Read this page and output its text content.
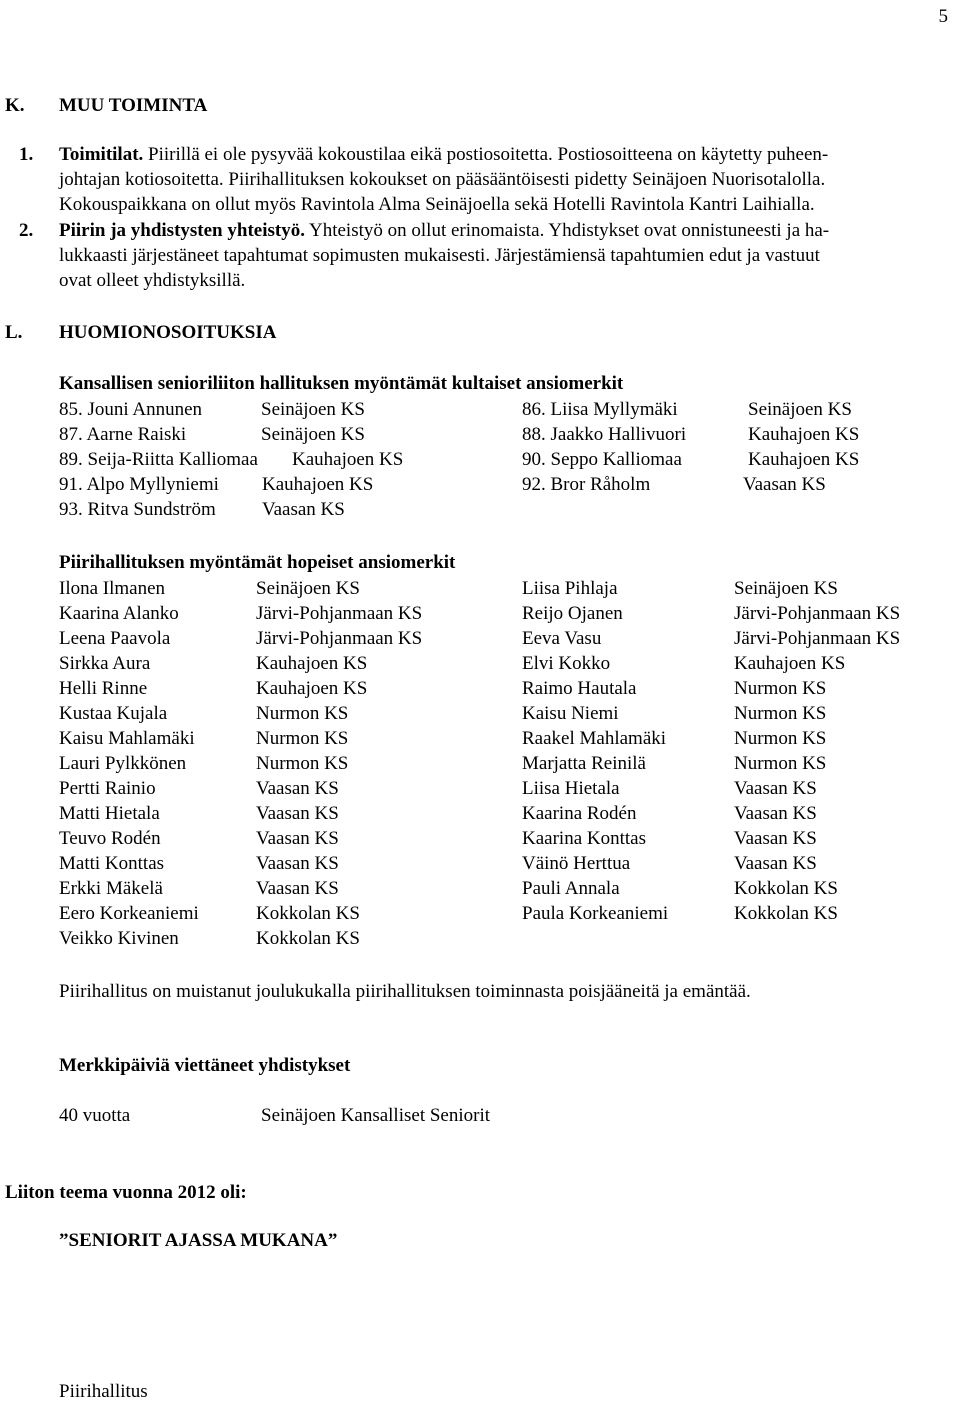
5
K. MUU TOIMINTA
1. Toimitilat. Piirillä ei ole pysyvää kokoustilaa eikä postiosoitetta. Postiosoitteena on käytetty puheen-
johtajan kotiosoitetta. Piirihallituksen kokoukset on pääsääntöisesti pidetty Seinäjoen Nuorisotalolla.
Kokouspaikkana on ollut myös Ravintola Alma Seinäjoella sekä Hotelli Ravintola Kantri Laihialla.
2. Piirin ja yhdistysten yhteistyö. Yhteistyö on ollut erinomaista. Yhdistykset ovat onnistuneesti ja ha-
lukkaasti järjestäneet tapahtumat sopimusten mukaisesti. Järjestämiensä tapahtumien edut ja vastuut
ovat olleet yhdistyksillä.
L. HUOMIONOSOITUKSIA
Kansallisen senioriliiton hallituksen myöntämät kultaiset ansiomerkit
85. Jouni Annunen	Seinäjoen KS	86. Liisa Myllymäki	Seinäjoen KS
87. Aarne Raiski	Seinäjoen KS	88. Jaakko Hallivuori	Kauhajoen KS
89. Seija-Riitta Kalliomaa Kauhajoen KS	90. Seppo Kalliomaa	Kauhajoen KS
91. Alpo Myllyniemi Kauhajoen KS	92. Bror Råholm	Vaasan KS
93. Ritva Sundström Vaasan KS
Piirihallituksen myöntämät hopeiset ansiomerkit
Ilona Ilmanen	Seinäjoen KS	Liisa Pihlaja	Seinäjoen KS
Kaarina Alanko	Järvi-Pohjanmaan KS	Reijo Ojanen	Järvi-Pohjanmaan KS
Leena Paavola	Järvi-Pohjanmaan KS	Eeva Vasu	Järvi-Pohjanmaan KS
Sirkka Aura	Kauhajoen KS	Elvi Kokko	Kauhajoen KS
Helli Rinne	Kauhajoen KS	Raimo Hautala	Nurmon KS
Kustaa Kujala	Nurmon KS	Kaisu Niemi	Nurmon KS
Kaisu Mahlamäki	Nurmon KS	Raakel Mahlamäki	Nurmon KS
Lauri Pylkkönen	Nurmon KS	Marjatta Reinilä	Nurmon KS
Pertti Rainio	Vaasan KS	Liisa Hietala	Vaasan KS
Matti Hietala	Vaasan KS	Kaarina Rodén	Vaasan KS
Teuvo Rodén	Vaasan KS	Kaarina Konttas	Vaasan KS
Matti Konttas	Vaasan KS	Väinö Herttua	Vaasan KS
Erkki Mäkelä	Vaasan KS	Pauli Annala	Kokkolan KS
Eero Korkeaniemi	Kokkolan KS	Paula Korkeaniemi	Kokkolan KS
Veikko Kivinen	Kokkolan KS
Piirihallitus on muistanut joulukukalla piirihallituksen toiminnasta poisjääneitä ja emäntää.
Merkkipäiviä viettäneet yhdistykset
40 vuotta	Seinäjoen Kansalliset Seniorit
Liiton teema vuonna 2012 oli:
”SENIORIT AJASSA MUKANA”
Piirihallitus
